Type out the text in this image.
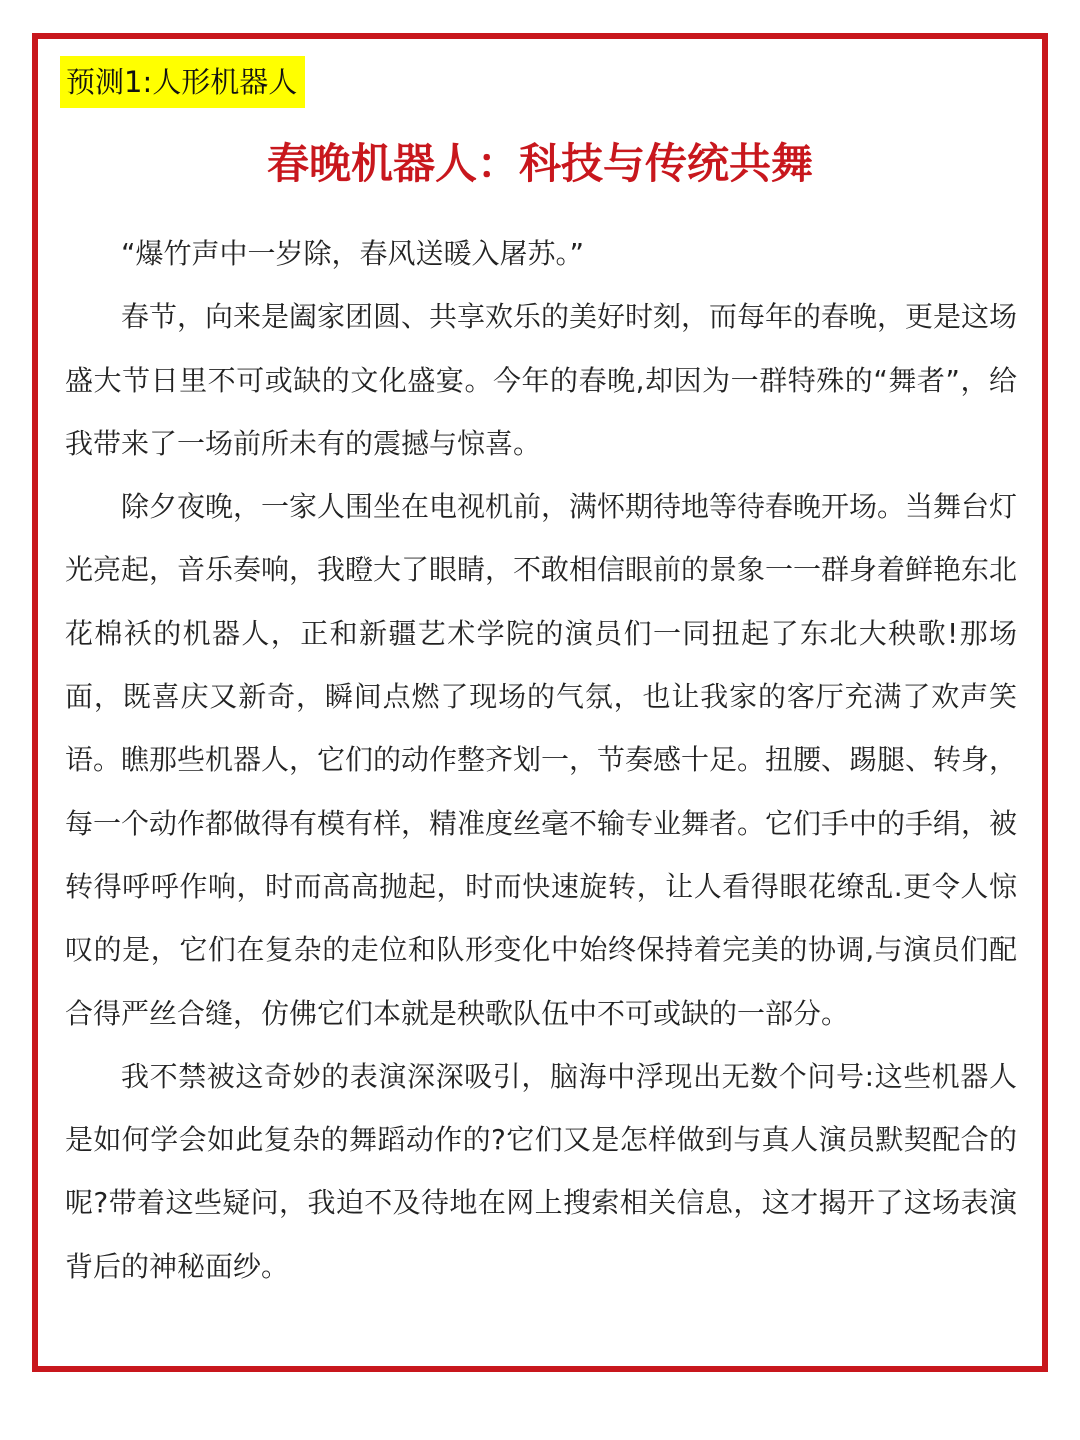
预测1:人形机器人
春晚机器人：科技与传统共舞

“爆竹声中一岁除，春风送暖入屠苏。”

春节，向来是阖家团圆、共享欢乐的美好时刻，而每年的春晚，更是这场盛大节日里不可或缺的文化盛宴。今年的春晚,却因为一群特殊的“舞者”，给我带来了一场前所未有的震撼与惊喜。

除夕夜晚，一家人围坐在电视机前，满怀期待地等待春晚开场。当舞台灯光亮起，音乐奏响，我瞪大了眼睛，不敢相信眼前的景象一一群身着鲜艳东北花棉袄的机器人，正和新疆艺术学院的演员们一同扭起了东北大秧歌!那场面，既喜庆又新奇，瞬间点燃了现场的气氛，也让我家的客厅充满了欢声笑语。瞧那些机器人，它们的动作整齐划一，节奏感十足。扭腰、踢腿、转身，每一个动作都做得有模有样，精准度丝毫不输专业舞者。它们手中的手绢，被转得呼呼作响，时而高高抛起，时而快速旋转，让人看得眼花缭乱.更令人惊叹的是，它们在复杂的走位和队形变化中始终保持着完美的协调,与演员们配合得严丝合缝，仿佛它们本就是秧歌队伍中不可或缺的一部分。

我不禁被这奇妙的表演深深吸引，脑海中浮现出无数个问号:这些机器人是如何学会如此复杂的舞蹈动作的?它们又是怎样做到与真人演员默契配合的呢?带着这些疑问，我迫不及待地在网上搜索相关信息，这才揭开了这场表演背后的神秘面纱。
